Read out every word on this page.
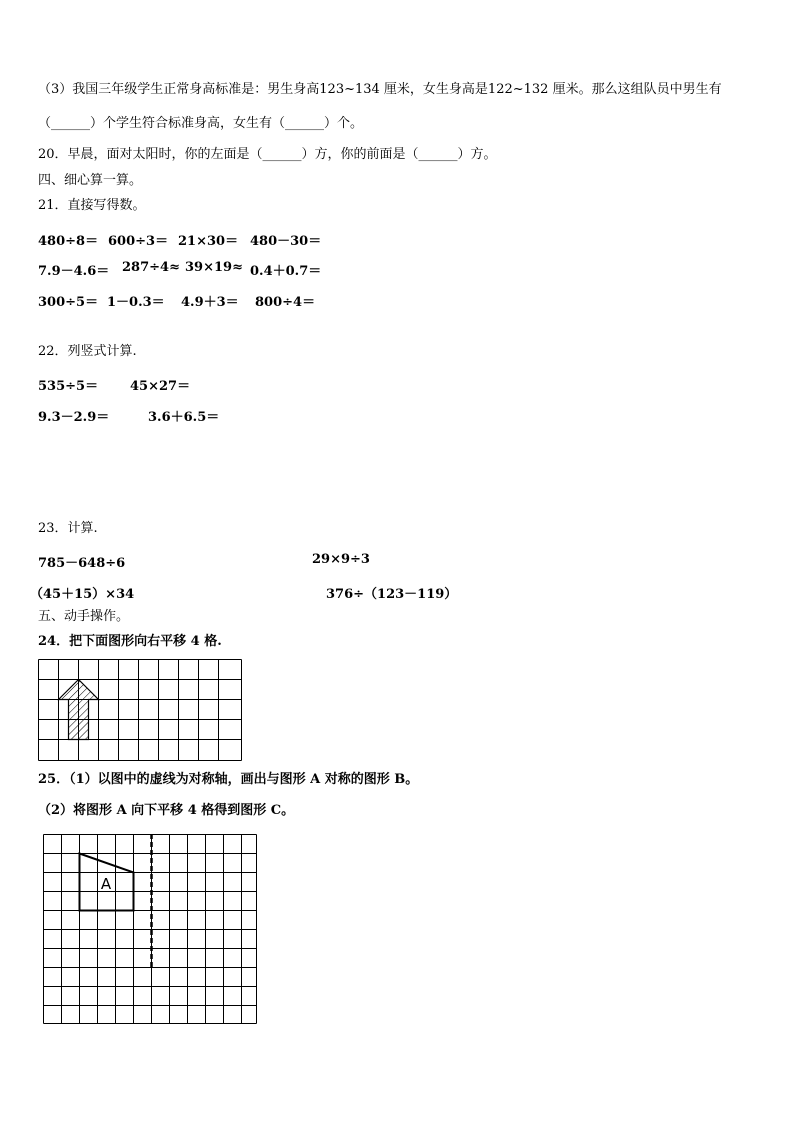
（3）我国三年级学生正常身高标准是：男生身高123~134 厘米，女生身高是122~132 厘米。那么这组队员中男生有
（______）个学生符合标准身高，女生有（______）个。
20．早晨，面对太阳时，你的左面是（______）方，你的前面是（______）方。
四、细心算一算。
21．直接写得数。
480÷8＝ 600÷3＝ 21×30＝ 480－30＝
7.9－4.6＝ 287÷4≈ 39×19≈ 0.4＋0.7＝
300÷5＝ 1－0.3＝ 4.9＋3＝ 800÷4＝
22．列竖式计算.
535÷5＝ 45×27＝
9.3－2.9＝	3.6＋6.5＝
23．计算.
785－648÷6	29×9÷3
（45＋15）×34	376÷（123－119）
五、动手操作。
24．把下面图形向右平移 4 格.
25．（1）以图中的虚线为对称轴，画出与图形 A 对称的图形 B。
（2）将图形 A 向下平移 4 格得到图形 C。
A
